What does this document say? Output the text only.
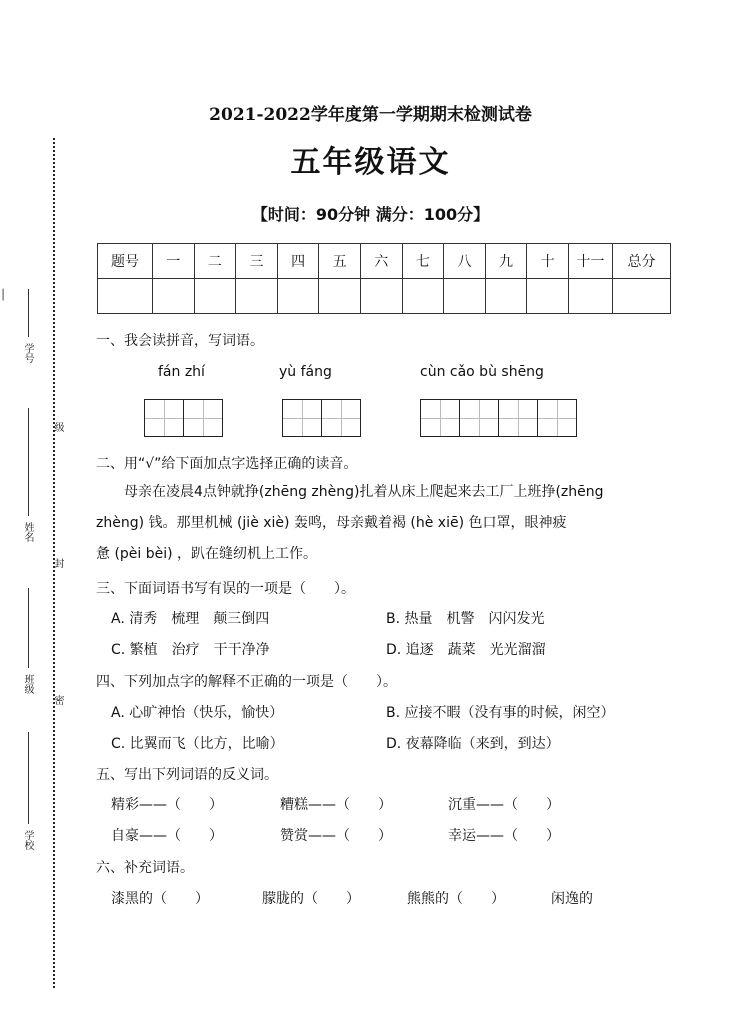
│
学号
级
姓名
封
班级
密
学校
2021-2022学年度第一学期期末检测试卷
五年级语文
【时间：90分钟 满分：100分】
题号	一	二	三	四	五	六	七	八	九	十	十一	总分

一、我会读拼音，写词语。
fán zhí	yù fáng	cùn cǎo bù shēng
二、用“√”给下面加点字选择正确的读音。
母亲在凌晨4点钟就挣(zhēng zhèng)扎着从床上爬起来去工厂上班挣(zhēng
zhèng) 钱。那里机械 (jiè xiè) 轰鸣，母亲戴着褐 (hè xiē) 色口罩，眼神疲
惫 (pèi bèi) ，趴在缝纫机上工作。
三、下面词语书写有误的一项是（　　）。
A. 清秀　梳理　颠三倒四	B. 热量　机警　闪闪发光
C. 繁植　治疗　干干净净	D. 追逐　蔬菜　光光溜溜
四、下列加点字的解释不正确的一项是（　　）。
A. 心旷神怡（快乐，愉快）	B. 应接不暇（没有事的时候，闲空）
C. 比翼而飞（比方，比喻）	D. 夜幕降临（来到，到达）
五、写出下列词语的反义词。
精彩——（　　）	糟糕——（　　）	沉重——（　　）
自豪——（　　）	赞赏——（　　）	幸运——（　　）
六、补充词语。
漆黑的（　　）	朦胧的（　　）	熊熊的（　　）	闲逸的
